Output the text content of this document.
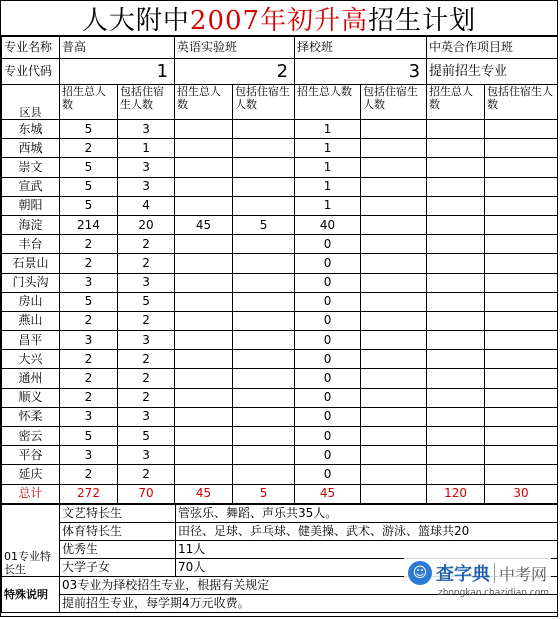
人大附中 2007年初升高 招生计划
专业名称	普高		英语实验班		择校班		中英合作项目班	
专业代码	1		2		3		提前招生专业	
区县	招生总人数	包括住宿生人数	招生总人数	包括住宿生人数	招生总人数	包括住宿生人数	招生总人数	包括住宿生人数
东城	5	3			1			
西城	2	1			1			
崇文	5	3			1			
宣武	5	3			1			
朝阳	5	4			1			
海淀	214	20	45	5	40			
丰台	2	2			0			
石景山	2	2			0			
门头沟	3	3			0			
房山	5	5			0			
燕山	2	2			0			
昌平	3	3			0			
大兴	2	2			0			
通州	2	2			0			
顺义	2	2			0			
怀柔	3	3			0			
密云	5	5			0			
平谷	3	3			0			
延庆	2	2			0			
总计	272	70	45	5	45		120	30
01专业特长生	文艺特长生	管弦乐、舞蹈、声乐共35人。
	体育特长生	田径、足球、乒乓球、健美操、武术、游泳、篮球共20
	优秀生	11人
	大学子女	70人
特殊说明	03专业为择校招生专业，根据有关规定	
	提前招生专业，每学期4万元收费。	
☺ 查字典 中考网
zhongkao.chazidian.com
